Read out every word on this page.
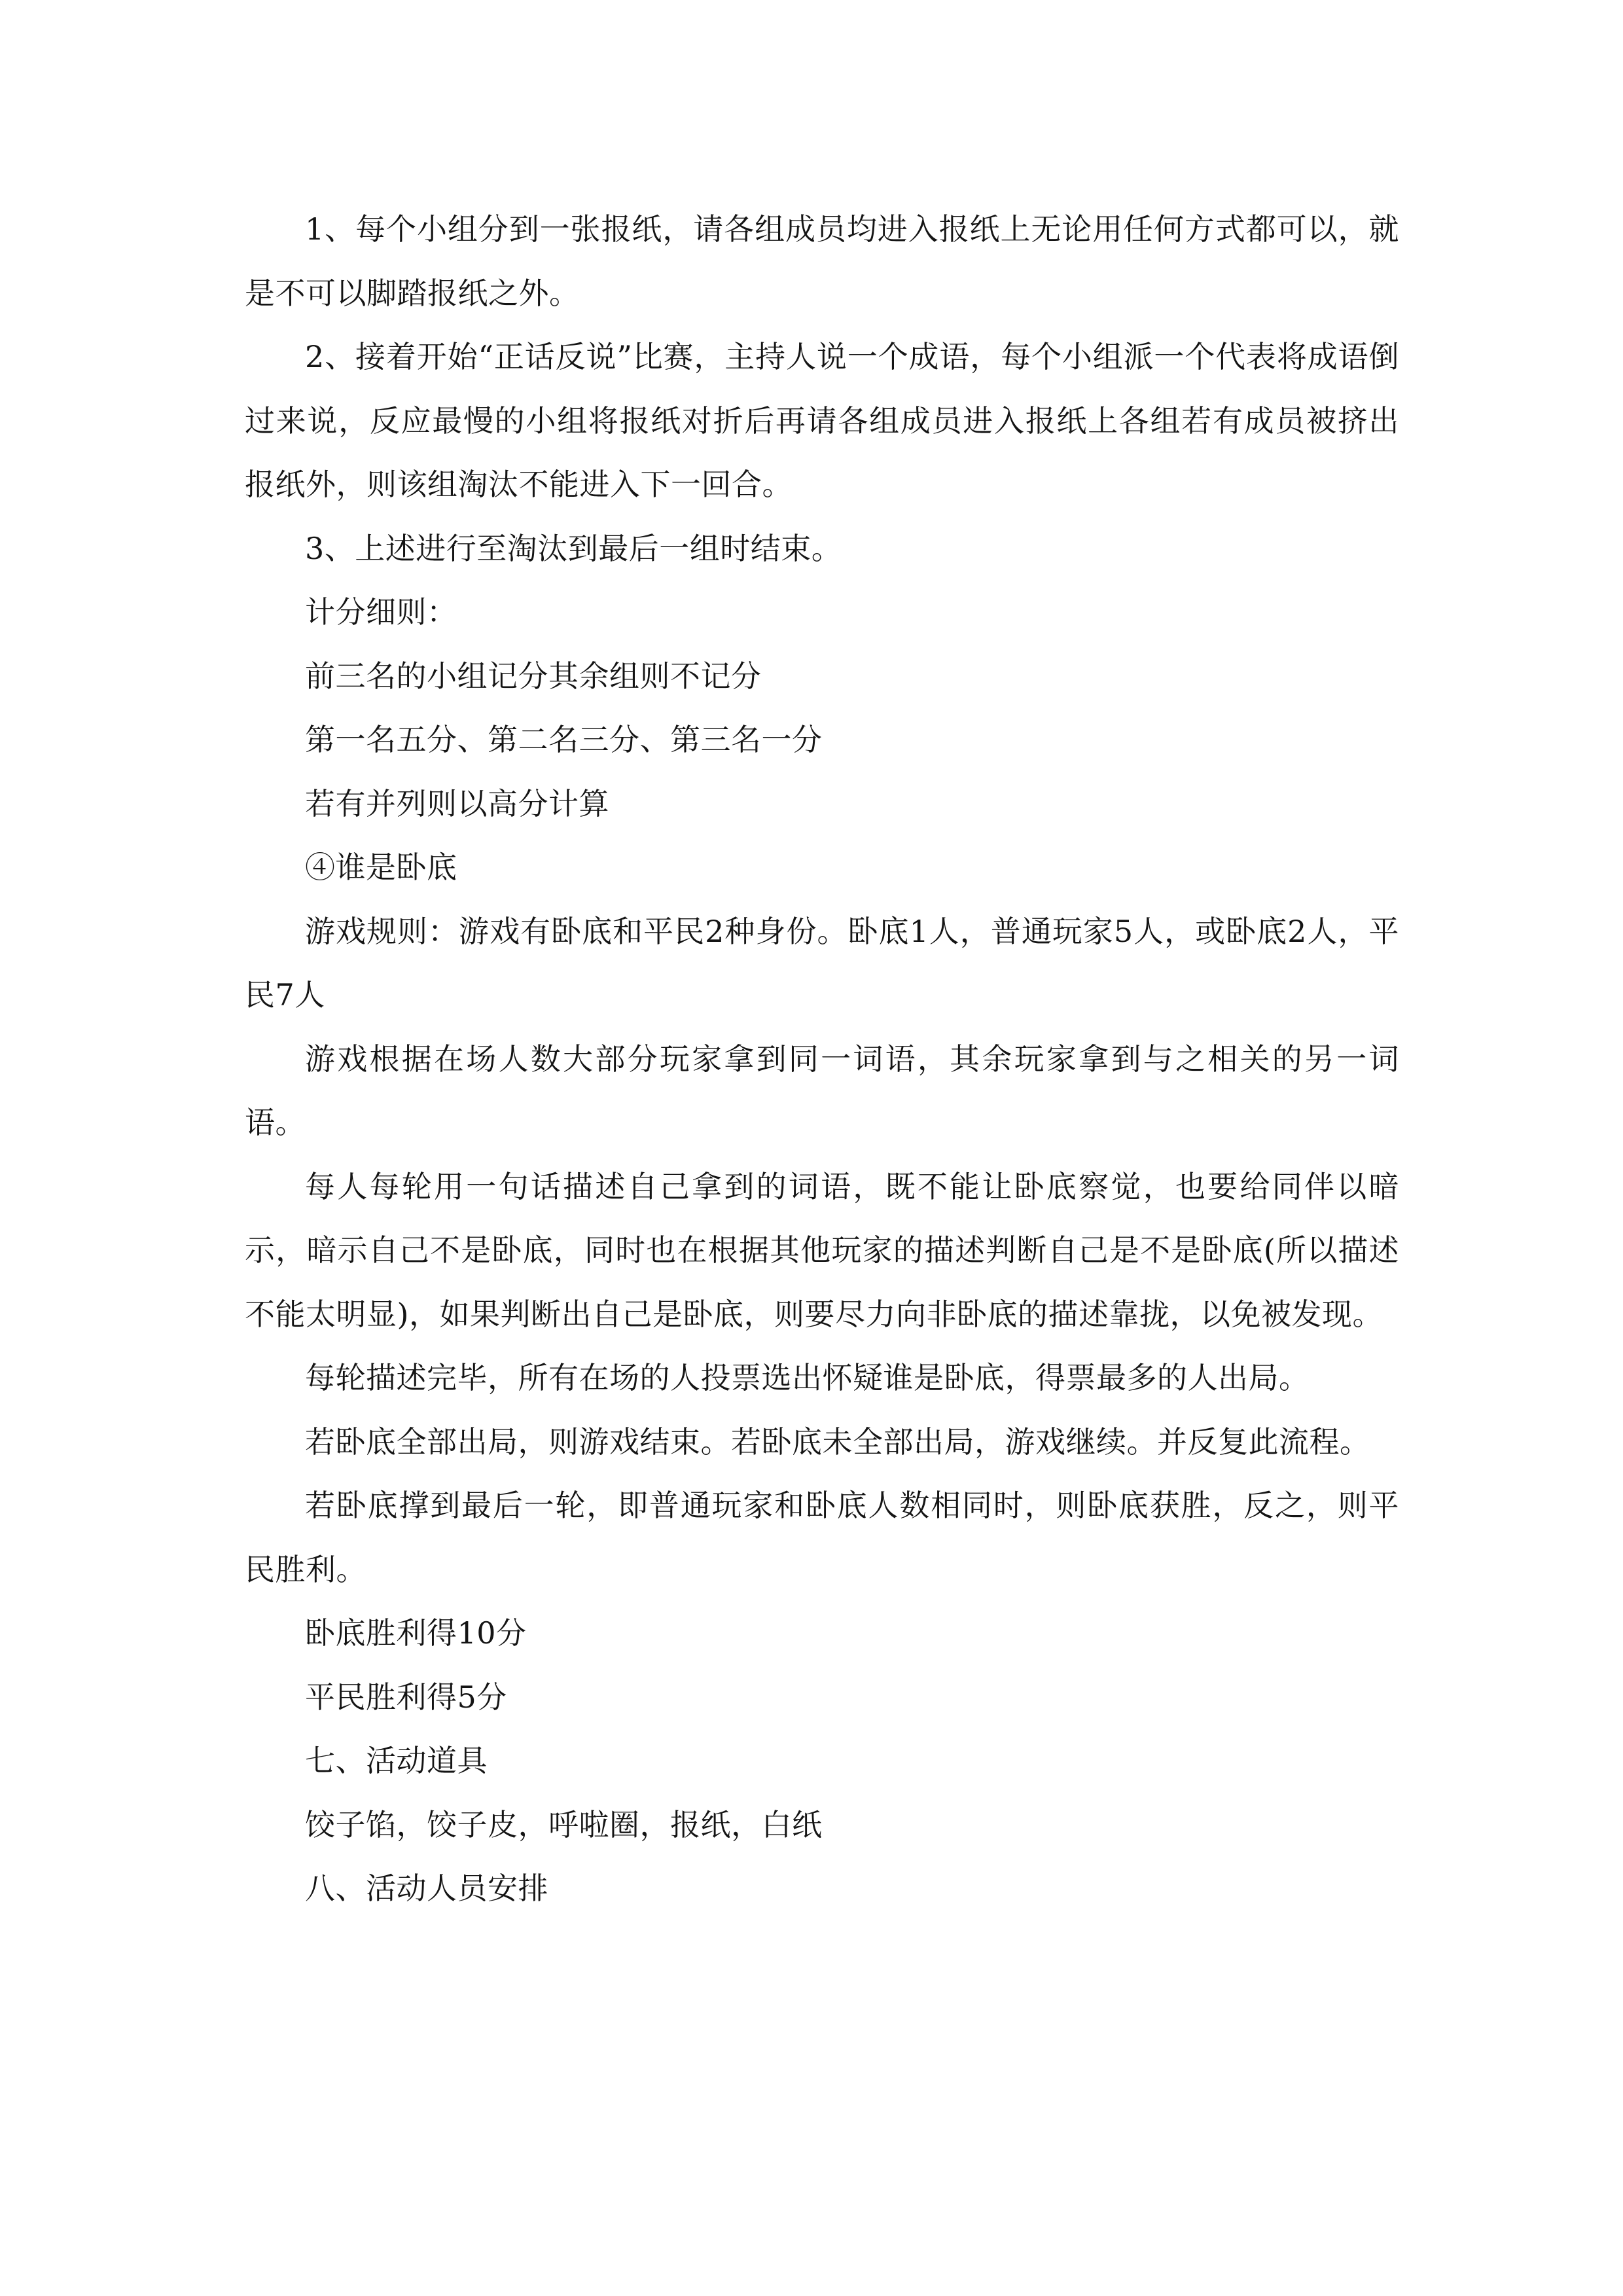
1、每个小组分到一张报纸，请各组成员均进入报纸上无论用任何方式都可以，就是不可以脚踏报纸之外。

2、接着开始“正话反说”比赛，主持人说一个成语，每个小组派一个代表将成语倒过来说，反应最慢的小组将报纸对折后再请各组成员进入报纸上各组若有成员被挤出报纸外，则该组淘汰不能进入下一回合。

3、上述进行至淘汰到最后一组时结束。

计分细则：

前三名的小组记分其余组则不记分

第一名五分、第二名三分、第三名一分

若有并列则以高分计算

④谁是卧底

游戏规则：游戏有卧底和平民2种身份。卧底1人，普通玩家5人，或卧底2人，平民7人

游戏根据在场人数大部分玩家拿到同一词语，其余玩家拿到与之相关的另一词语。

每人每轮用一句话描述自己拿到的词语，既不能让卧底察觉，也要给同伴以暗示，暗示自己不是卧底，同时也在根据其他玩家的描述判断自己是不是卧底(所以描述不能太明显)，如果判断出自己是卧底，则要尽力向非卧底的描述靠拢，以免被发现。

每轮描述完毕，所有在场的人投票选出怀疑谁是卧底，得票最多的人出局。

若卧底全部出局，则游戏结束。若卧底未全部出局，游戏继续。并反复此流程。

若卧底撑到最后一轮，即普通玩家和卧底人数相同时，则卧底获胜，反之，则平民胜利。

卧底胜利得10分

平民胜利得5分

七、活动道具

饺子馅，饺子皮，呼啦圈，报纸，白纸

八、活动人员安排
